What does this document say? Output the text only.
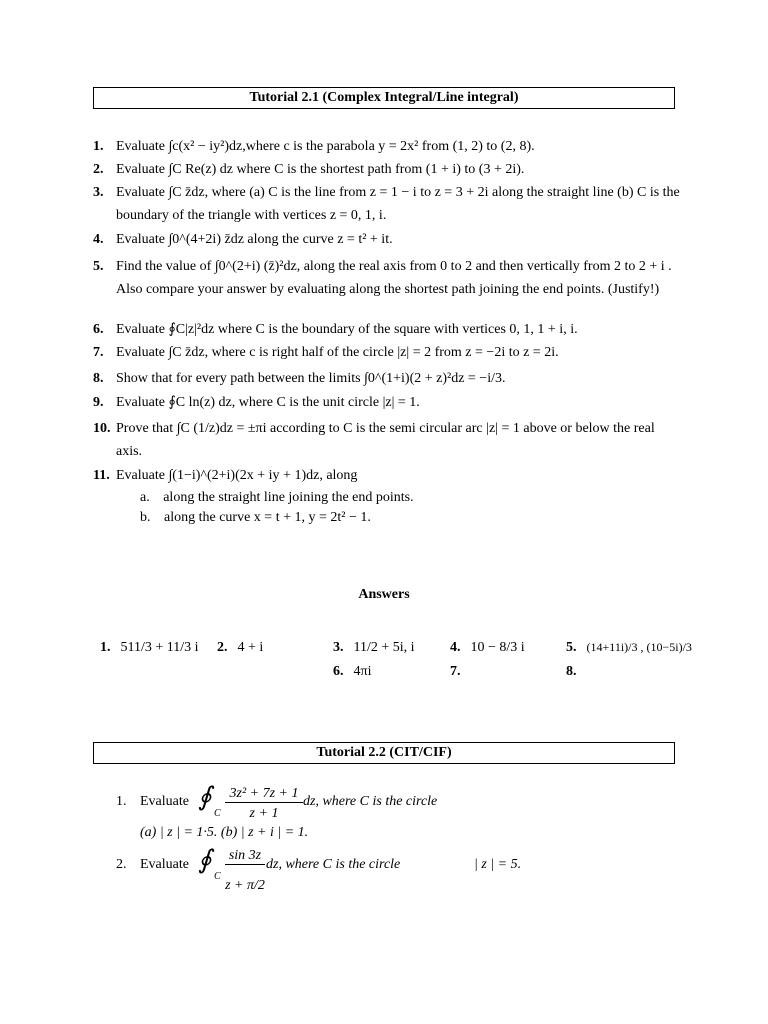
Tutorial 2.1 (Complex Integral/Line integral)
1. Evaluate ∫c(x² − iy²)dz,where c is the parabola y = 2x² from (1, 2) to (2, 8).
2. Evaluate ∫C Re(z) dz where C is the shortest path from (1 + i) to (3 + 2i).
3. Evaluate ∫C z̄dz, where (a) C is the line from z = 1 − i to z = 3 + 2i along the straight line (b) C is the boundary of the triangle with vertices z = 0, 1, i.
4. Evaluate ∫0^(4+2i) z̄dz along the curve z = t² + it.
5. Find the value of ∫0^(2+i) (z̄)²dz, along the real axis from 0 to 2 and then vertically from 2 to 2 + i . Also compare your answer by evaluating along the shortest path joining the end points. (Justify!)
6. Evaluate ∮C|z|²dz where C is the boundary of the square with vertices 0, 1, 1 + i, i.
7. Evaluate ∫C z̄dz, where c is right half of the circle |z| = 2 from z = −2i to z = 2i.
8. Show that for every path between the limits ∫0^(1+i)(2 + z)²dz = −i/3.
9. Evaluate ∮C ln(z) dz, where C is the unit circle |z| = 1.
10. Prove that ∫C (1/z)dz = ±πi according to C is the semi circular arc |z| = 1 above or below the real axis.
11. Evaluate ∫(1−i)^(2+i)(2x + iy + 1)dz, along
a. along the straight line joining the end points.
b. along the curve x = t + 1, y = 2t² − 1.
Answers
1. 511/3 + 11/3 i 2. 4 + i	3. 11/2 + 5i, i	4. 10 − 8/3 i	5. (14+11i)/3 , (10−5i)/3
6. 4πi	7.	8.
Tutorial 2.2 (CIT/CIF)
1. Evaluate ∮
C
3z² + 7z + 1
z + 1
dz, where C is the circle
(a) | z | = 1·5. (b) | z + i | = 1.
2. Evaluate ∮
C
sin 3z
z + π/2
dz, where C is the circle	| z | = 5.
